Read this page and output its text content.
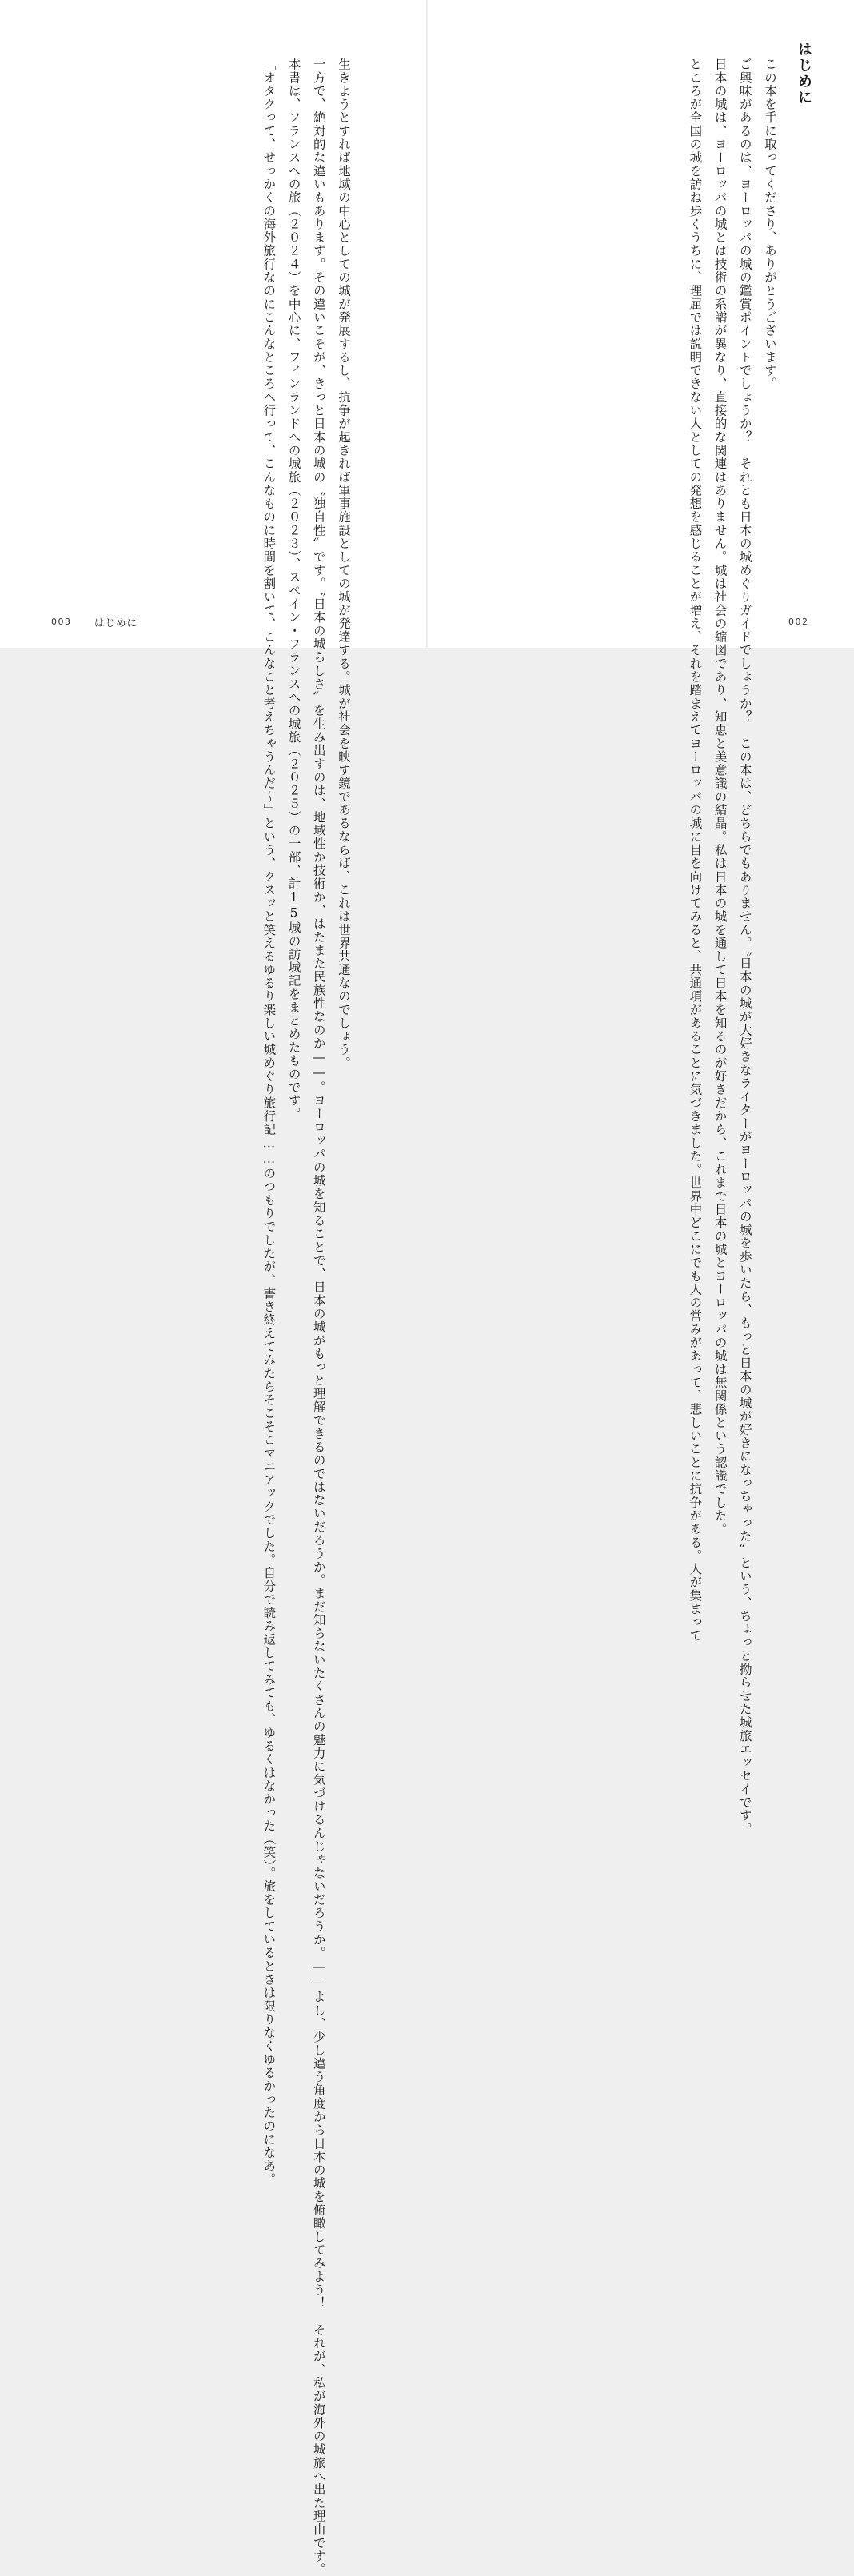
はじめに

この本を手に取ってくださり、ありがとうございます。

ご興味があるのは、ヨーロッパの城の鑑賞ポイントでしょうか？　それとも日本の城めぐりガイドでしょうか？　この本は、どちらでもありません。〝日本の城が大好きなライターがヨーロッパの城を歩いたら、もっと日本の城が好きになっちゃった〟という、ちょっと拗らせた城旅エッセイです。

日本の城は、ヨーロッパの城とは技術の系譜が異なり、直接的な関連はありません。城は社会の縮図であり、知恵と美意識の結晶。私は日本の城を通して日本を知るのが好きだから、これまで日本の城とヨーロッパの城は無関係という認識でした。

ところが全国の城を訪ね歩くうちに、理屈では説明できない人としての発想を感じることが増え、それを踏まえてヨーロッパの城に目を向けてみると、共通項があることに気づきました。世界中どこにでも人の営みがあって、悲しいことに抗争がある。人が集まって

生きようとすれば地域の中心としての城が発展するし、抗争が起きれば軍事施設としての城が発達する。城が社会を映す鏡であるならば、これは世界共通なのでしょう。

一方で、絶対的な違いもあります。その違いこそが、きっと日本の城の〝独自性〟です。〝日本の城らしさ〟を生み出すのは、地域性か技術か、はたまた民族性なのか――。ヨーロッパの城を知ることで、日本の城がもっと理解できるのではないだろうか。まだ知らないたくさんの魅力に気づけるんじゃないだろうか。――よし、少し違う角度から日本の城を俯瞰してみよう！　それが、私が海外の城旅へ出た理由です。

本書は、フランスへの旅（２０２４）を中心に、フィンランドへの城旅（２０２３）、スペイン・フランスへの城旅（２０２５）の一部、計15城の訪城記をまとめたものです。

「オタクって、せっかくの海外旅行なのにこんなところへ行って、こんなものに時間を割いて、こんなこと考えちゃうんだ～」という、クスッと笑えるゆるり楽しい城めぐり旅行記……のつもりでしたが、書き終えてみたらそこそこマニアックでした。自分で読み返してみても、ゆるくはなかった（笑）。旅をしているときは限りなくゆるかったのになあ。

003 はじめに	002
